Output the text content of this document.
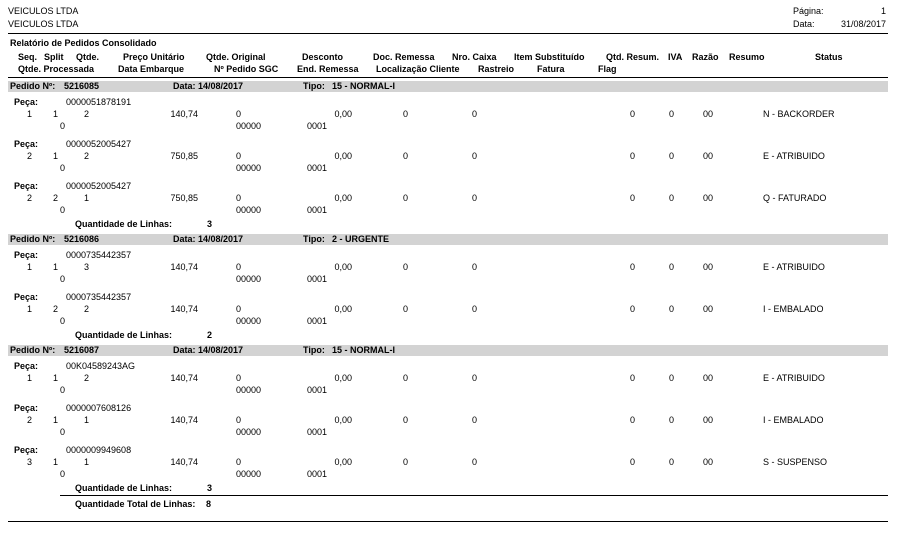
VEICULOS LTDA
VEICULOS LTDA
Página:	1
Data:	31/08/2017
Relatório de Pedidos Consolidado
Seq. Split Qtde.	Preço Unitário Qtde. Original	Desconto	Doc. Remessa Nro. Caixa Item Substituído Qtd. Resum. IVA Razão Resumo	Status
Qtde. Processada	Data Embarque	Nº Pedido SGC End. Remessa Localização Cliente Rastreio	Fatura	Flag
Pedido Nº: 5216085	Data: 14/08/2017	Tipo: 15 - NORMAL-I
Peça:	0000051878191
1 1	2	140,74	0	0,00	0	0	0	0	00	N - BACKORDER
0	00000	0001
Peça:	0000052005427
2 1	2	750,85	0	0,00	0	0	0	0	00	E - ATRIBUIDO
0	00000	0001
Peça:	0000052005427
2 2	1	750,85	0	0,00	0	0	0	0	00	Q - FATURADO
0	00000	0001
Quantidade de Linhas:	3
Pedido Nº: 5216086	Data: 14/08/2017	Tipo: 2 - URGENTE
Peça:	0000735442357
1 1	3	140,74	0	0,00	0	0	0	0	00	E - ATRIBUIDO
0	00000	0001
Peça:	0000735442357
1 2	2	140,74	0	0,00	0	0	0	0	00	I - EMBALADO
0	00000	0001
Quantidade de Linhas:	2
Pedido Nº: 5216087	Data: 14/08/2017	Tipo: 15 - NORMAL-I
Peça:	00K04589243AG
1 1	2	140,74	0	0,00	0	0	0	0	00	E - ATRIBUIDO
0	00000	0001
Peça:	0000007608126
2 1	1	140,74	0	0,00	0	0	0	0	00	I - EMBALADO
0	00000	0001
Peça:	0000009949608
3 1	1	140,74	0	0,00	0	0	0	0	00	S - SUSPENSO
0	00000	0001
Quantidade de Linhas:	3
Quantidade Total de Linhas: 8
